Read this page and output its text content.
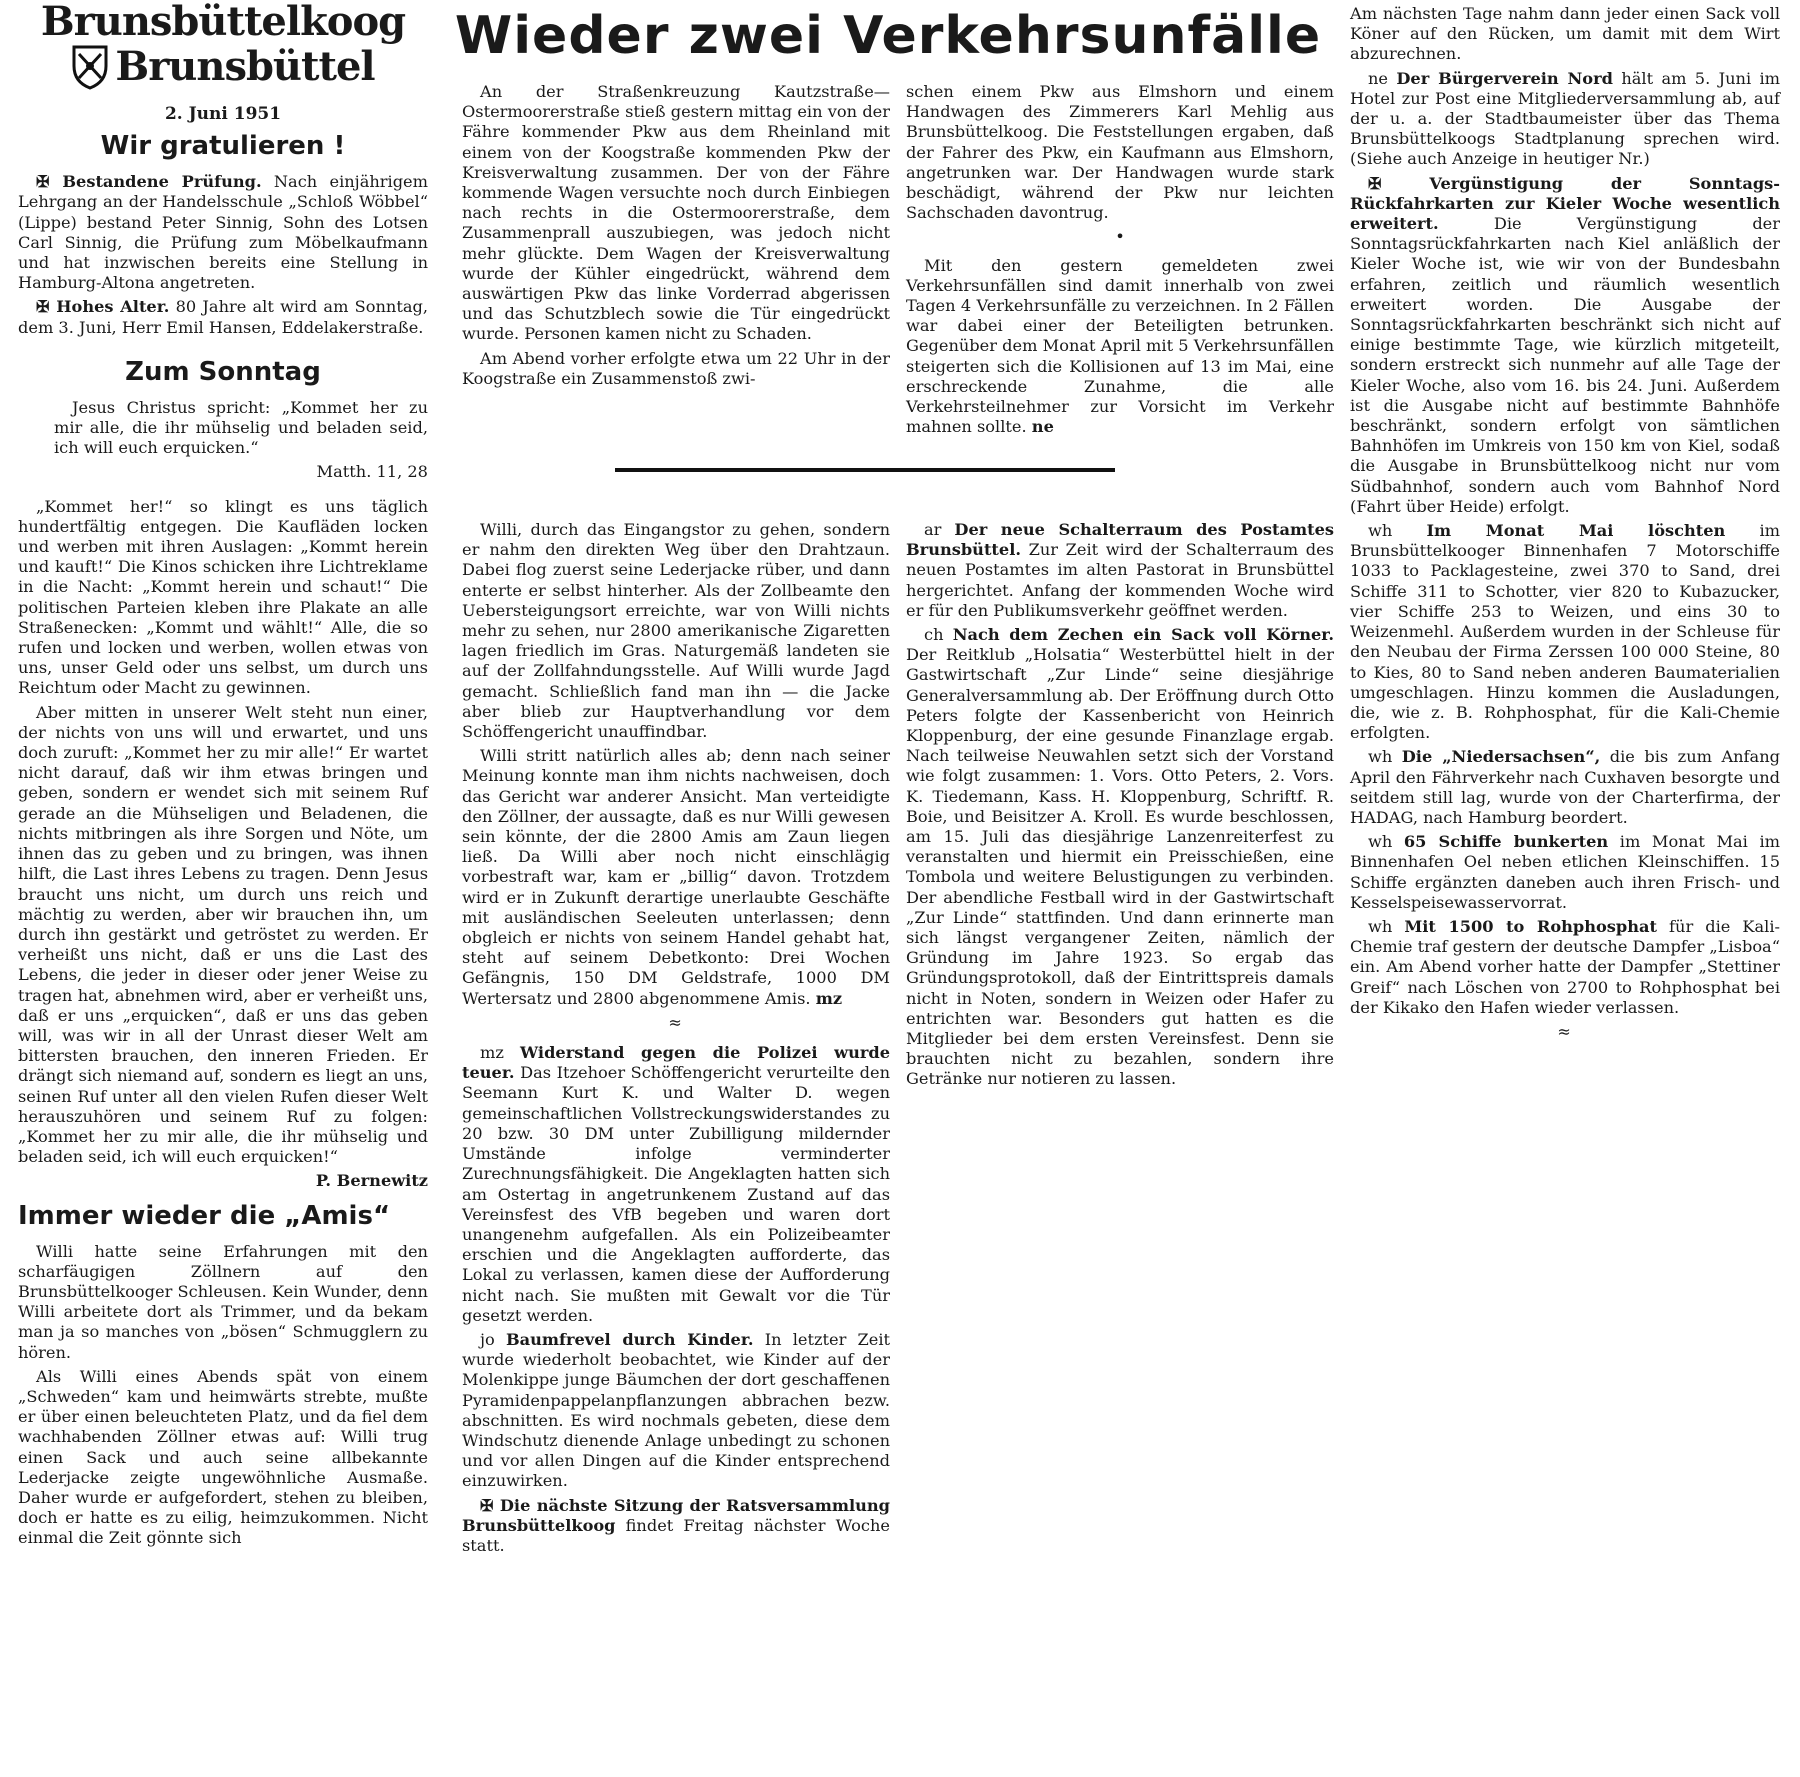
Brunsbüttelkoog
Brunsbüttel
2. Juni 1951
Wir gratulieren !

✠ Bestandene Prüfung. Nach einjährigem Lehrgang an der Handelsschule „Schloß Wöbbel“ (Lippe) bestand Peter Sinnig, Sohn des Lotsen Carl Sinnig, die Prüfung zum Möbelkaufmann und hat inzwischen bereits eine Stellung in Hamburg-Altona angetreten.

✠ Hohes Alter. 80 Jahre alt wird am Sonntag, dem 3. Juni, Herr Emil Hansen, Eddelakerstraße.

Zum Sonntag

Jesus Christus spricht: „Kommet her zu mir alle, die ihr mühselig und beladen seid, ich will euch erquicken.“

Matth. 11, 28

„Kommet her!“ so klingt es uns täglich hundertfältig entgegen. Die Kaufläden locken und werben mit ihren Auslagen: „Kommt herein und kauft!“ Die Kinos schicken ihre Lichtreklame in die Nacht: „Kommt herein und schaut!“ Die politischen Parteien kleben ihre Plakate an alle Straßenecken: „Kommt und wählt!“ Alle, die so rufen und locken und werben, wollen etwas von uns, unser Geld oder uns selbst, um durch uns Reichtum oder Macht zu gewinnen.

Aber mitten in unserer Welt steht nun einer, der nichts von uns will und erwartet, und uns doch zuruft: „Kommet her zu mir alle!“ Er wartet nicht darauf, daß wir ihm etwas bringen und geben, sondern er wendet sich mit seinem Ruf gerade an die Mühseligen und Beladenen, die nichts mitbringen als ihre Sorgen und Nöte, um ihnen das zu geben und zu bringen, was ihnen hilft, die Last ihres Lebens zu tragen. Denn Jesus braucht uns nicht, um durch uns reich und mächtig zu werden, aber wir brauchen ihn, um durch ihn gestärkt und getröstet zu werden. Er verheißt uns nicht, daß er uns die Last des Lebens, die jeder in dieser oder jener Weise zu tragen hat, abnehmen wird, aber er verheißt uns, daß er uns „erquicken“, daß er uns das geben will, was wir in all der Unrast dieser Welt am bittersten brauchen, den inneren Frieden. Er drängt sich niemand auf, sondern es liegt an uns, seinen Ruf unter all den vielen Rufen dieser Welt herauszuhören und seinem Ruf zu folgen: „Kommet her zu mir alle, die ihr mühselig und beladen seid, ich will euch erquicken!“

P. Bernewitz
Immer wieder die „Amis“

Willi hatte seine Erfahrungen mit den scharfäugigen Zöllnern auf den Brunsbüttelkooger Schleusen. Kein Wunder, denn Willi arbeitete dort als Trimmer, und da bekam man ja so manches von „bösen“ Schmugglern zu hören.

Als Willi eines Abends spät von einem „Schweden“ kam und heimwärts strebte, mußte er über einen beleuchteten Platz, und da fiel dem wachhabenden Zöllner etwas auf: Willi trug einen Sack und auch seine allbekannte Lederjacke zeigte ungewöhnliche Ausmaße. Daher wurde er aufgefordert, stehen zu bleiben, doch er hatte es zu eilig, heimzukommen. Nicht einmal die Zeit gönnte sich

Wieder zwei Verkehrsunfälle

An der Straßenkreuzung Kautzstraße—Ostermoorerstraße stieß gestern mittag ein von der Fähre kommender Pkw aus dem Rheinland mit einem von der Koogstraße kommenden Pkw der Kreisverwaltung zusammen. Der von der Fähre kommende Wagen versuchte noch durch Einbiegen nach rechts in die Ostermoorerstraße, dem Zusammenprall auszubiegen, was jedoch nicht mehr glückte. Dem Wagen der Kreisverwaltung wurde der Kühler eingedrückt, während dem auswärtigen Pkw das linke Vorderrad abgerissen und das Schutzblech sowie die Tür eingedrückt wurde. Personen kamen nicht zu Schaden.

Am Abend vorher erfolgte etwa um 22 Uhr in der Koogstraße ein Zusammenstoß zwi-

Willi, durch das Eingangstor zu gehen, sondern er nahm den direkten Weg über den Drahtzaun. Dabei flog zuerst seine Lederjacke rüber, und dann enterte er selbst hinterher. Als der Zollbeamte den Uebersteigungsort erreichte, war von Willi nichts mehr zu sehen, nur 2800 amerikanische Zigaretten lagen friedlich im Gras. Naturgemäß landeten sie auf der Zollfahndungsstelle. Auf Willi wurde Jagd gemacht. Schließlich fand man ihn — die Jacke aber blieb zur Hauptverhandlung vor dem Schöffengericht unauffindbar.

Willi stritt natürlich alles ab; denn nach seiner Meinung konnte man ihm nichts nachweisen, doch das Gericht war anderer Ansicht. Man verteidigte den Zöllner, der aussagte, daß es nur Willi gewesen sein könnte, der die 2800 Amis am Zaun liegen ließ. Da Willi aber noch nicht einschlägig vorbestraft war, kam er „billig“ davon. Trotzdem wird er in Zukunft derartige unerlaubte Geschäfte mit ausländischen Seeleuten unterlassen; denn obgleich er nichts von seinem Handel gehabt hat, steht auf seinem Debetkonto: Drei Wochen Gefängnis, 150 DM Geldstrafe, 1000 DM Wertersatz und 2800 abgenommene Amis. mz

≈

mz Widerstand gegen die Polizei wurde teuer. Das Itzehoer Schöffengericht verurteilte den Seemann Kurt K. und Walter D. wegen gemeinschaftlichen Vollstreckungswiderstandes zu 20 bzw. 30 DM unter Zubilligung mildernder Umstände infolge verminderter Zurechnungsfähigkeit. Die Angeklagten hatten sich am Ostertag in angetrunkenem Zustand auf das Vereinsfest des VfB begeben und waren dort unangenehm aufgefallen. Als ein Polizeibeamter erschien und die Angeklagten aufforderte, das Lokal zu verlassen, kamen diese der Aufforderung nicht nach. Sie mußten mit Gewalt vor die Tür gesetzt werden.

jo Baumfrevel durch Kinder. In letzter Zeit wurde wiederholt beobachtet, wie Kinder auf der Molenkippe junge Bäumchen der dort geschaffenen Pyramidenpappelanpflanzungen abbrachen bezw. abschnitten. Es wird nochmals gebeten, diese dem Windschutz dienende Anlage unbedingt zu schonen und vor allen Dingen auf die Kinder entsprechend einzuwirken.

✠ Die nächste Sitzung der Ratsversammlung Brunsbüttelkoog findet Freitag nächster Woche statt.

schen einem Pkw aus Elmshorn und einem Handwagen des Zimmerers Karl Mehlig aus Brunsbüttelkoog. Die Feststellungen ergaben, daß der Fahrer des Pkw, ein Kaufmann aus Elmshorn, angetrunken war. Der Handwagen wurde stark beschädigt, während der Pkw nur leichten Sachschaden davontrug.

•

Mit den gestern gemeldeten zwei Verkehrsunfällen sind damit innerhalb von zwei Tagen 4 Verkehrsunfälle zu verzeichnen. In 2 Fällen war dabei einer der Beteiligten betrunken. Gegenüber dem Monat April mit 5 Verkehrsunfällen steigerten sich die Kollisionen auf 13 im Mai, eine erschreckende Zunahme, die alle Verkehrsteilnehmer zur Vorsicht im Verkehr mahnen sollte. ne

ar Der neue Schalterraum des Postamtes Brunsbüttel. Zur Zeit wird der Schalterraum des neuen Postamtes im alten Pastorat in Brunsbüttel hergerichtet. Anfang der kommenden Woche wird er für den Publikumsverkehr geöffnet werden.

ch Nach dem Zechen ein Sack voll Körner. Der Reitklub „Holsatia“ Westerbüttel hielt in der Gastwirtschaft „Zur Linde“ seine diesjährige Generalversammlung ab. Der Eröffnung durch Otto Peters folgte der Kassenbericht von Heinrich Kloppenburg, der eine gesunde Finanzlage ergab. Nach teilweise Neuwahlen setzt sich der Vorstand wie folgt zusammen: 1. Vors. Otto Peters, 2. Vors. K. Tiedemann, Kass. H. Kloppenburg, Schriftf. R. Boie, und Beisitzer A. Kroll. Es wurde beschlossen, am 15. Juli das diesjährige Lanzenreiterfest zu veranstalten und hiermit ein Preisschießen, eine Tombola und weitere Belustigungen zu verbinden. Der abendliche Festball wird in der Gastwirtschaft „Zur Linde“ stattfinden. Und dann erinnerte man sich längst vergangener Zeiten, nämlich der Gründung im Jahre 1923. So ergab das Gründungsprotokoll, daß der Eintrittspreis damals nicht in Noten, sondern in Weizen oder Hafer zu entrichten war. Besonders gut hatten es die Mitglieder bei dem ersten Vereinsfest. Denn sie brauchten nicht zu bezahlen, sondern ihre Getränke nur notieren zu lassen.

Am nächsten Tage nahm dann jeder einen Sack voll Köner auf den Rücken, um damit mit dem Wirt abzurechnen.

ne Der Bürgerverein Nord hält am 5. Juni im Hotel zur Post eine Mitgliederversammlung ab, auf der u. a. der Stadtbaumeister über das Thema Brunsbüttelkoogs Stadtplanung sprechen wird. (Siehe auch Anzeige in heutiger Nr.)

✠ Vergünstigung der Sonntags-Rückfahrkarten zur Kieler Woche wesentlich erweitert. Die Vergünstigung der Sonntagsrückfahrkarten nach Kiel anläßlich der Kieler Woche ist, wie wir von der Bundesbahn erfahren, zeitlich und räumlich wesentlich erweitert worden. Die Ausgabe der Sonntagsrückfahrkarten beschränkt sich nicht auf einige bestimmte Tage, wie kürzlich mitgeteilt, sondern erstreckt sich nunmehr auf alle Tage der Kieler Woche, also vom 16. bis 24. Juni. Außerdem ist die Ausgabe nicht auf bestimmte Bahnhöfe beschränkt, sondern erfolgt von sämtlichen Bahnhöfen im Umkreis von 150 km von Kiel, sodaß die Ausgabe in Brunsbüttelkoog nicht nur vom Südbahnhof, sondern auch vom Bahnhof Nord (Fahrt über Heide) erfolgt.

wh Im Monat Mai löschten im Brunsbüttelkooger Binnenhafen 7 Motorschiffe 1033 to Packlagesteine, zwei 370 to Sand, drei Schiffe 311 to Schotter, vier 820 to Kubazucker, vier Schiffe 253 to Weizen, und eins 30 to Weizenmehl. Außerdem wurden in der Schleuse für den Neubau der Firma Zerssen 100 000 Steine, 80 to Kies, 80 to Sand neben anderen Baumaterialien umgeschlagen. Hinzu kommen die Ausladungen, die, wie z. B. Rohphosphat, für die Kali-Chemie erfolgten.

wh Die „Niedersachsen“, die bis zum Anfang April den Fährverkehr nach Cuxhaven besorgte und seitdem still lag, wurde von der Charterfirma, der HADAG, nach Hamburg beordert.

wh 65 Schiffe bunkerten im Monat Mai im Binnenhafen Oel neben etlichen Kleinschiffen. 15 Schiffe ergänzten daneben auch ihren Frisch- und Kesselspeisewasservorrat.

wh Mit 1500 to Rohphosphat für die Kali-Chemie traf gestern der deutsche Dampfer „Lisboa“ ein. Am Abend vorher hatte der Dampfer „Stettiner Greif“ nach Löschen von 2700 to Rohphosphat bei der Kikako den Hafen wieder verlassen.

≈
